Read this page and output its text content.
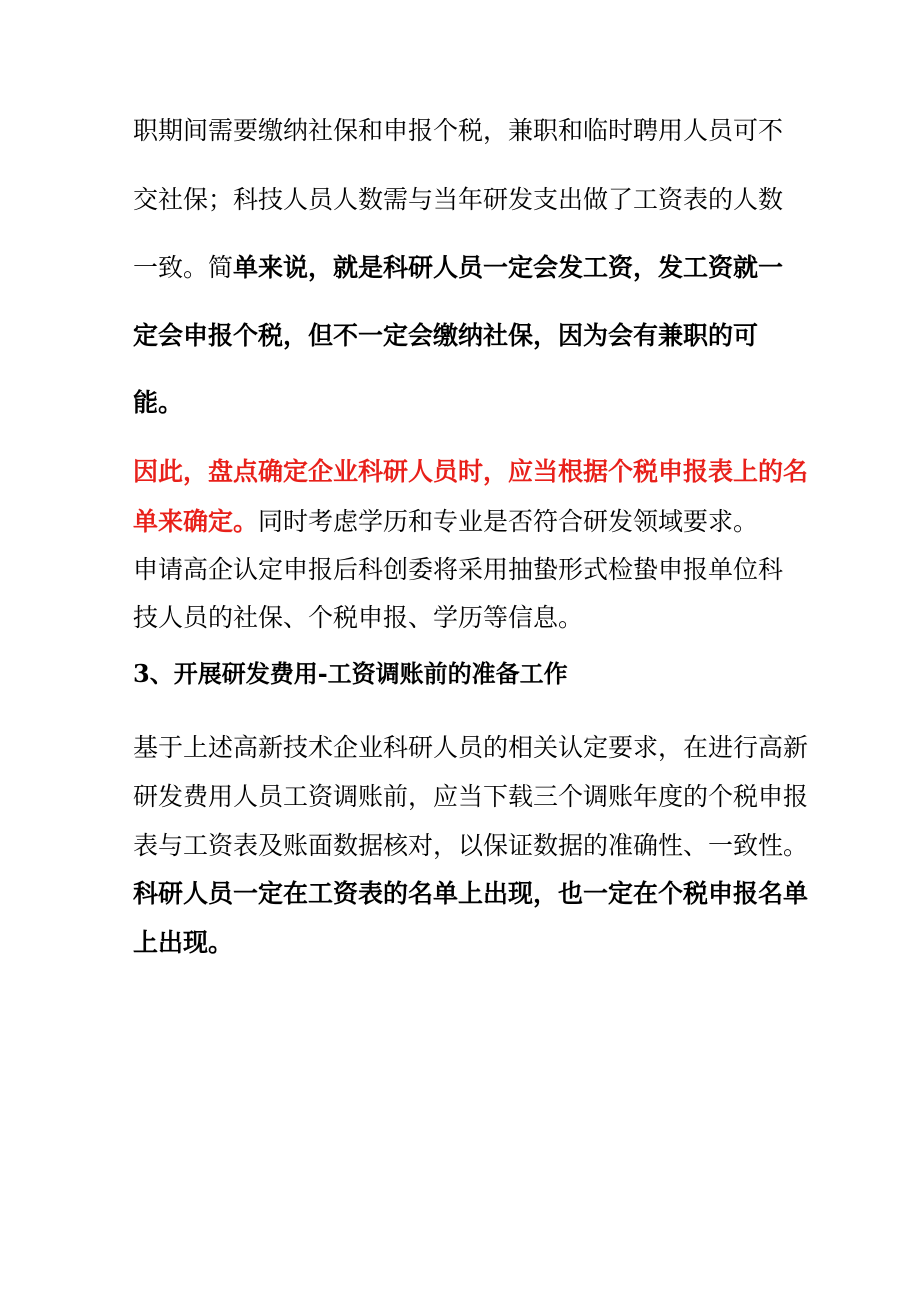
职期间需要缴纳社保和申报个税，兼职和临时聘用人员可不
交社保；科技人员人数需与当年研发支出做了工资表的人数
一致。简单来说，就是科研人员一定会发工资，发工资就一
定会申报个税，但不一定会缴纳社保，因为会有兼职的可
能。
因此，盘点确定企业科研人员时，应当根据个税申报表上的名
单来确定。同时考虑学历和专业是否符合研发领域要求。
申请高企认定申报后科创委将采用抽蛰形式检蛰申报单位科
技人员的社保、个税申报、学历等信息。
3、开展研发费用-工资调账前的准备工作
基于上述高新技术企业科研人员的相关认定要求，在进行高新
研发费用人员工资调账前，应当下载三个调账年度的个税申报
表与工资表及账面数据核对，以保证数据的准确性、一致性。
科研人员一定在工资表的名单上出现，也一定在个税申报名单
上出现。
